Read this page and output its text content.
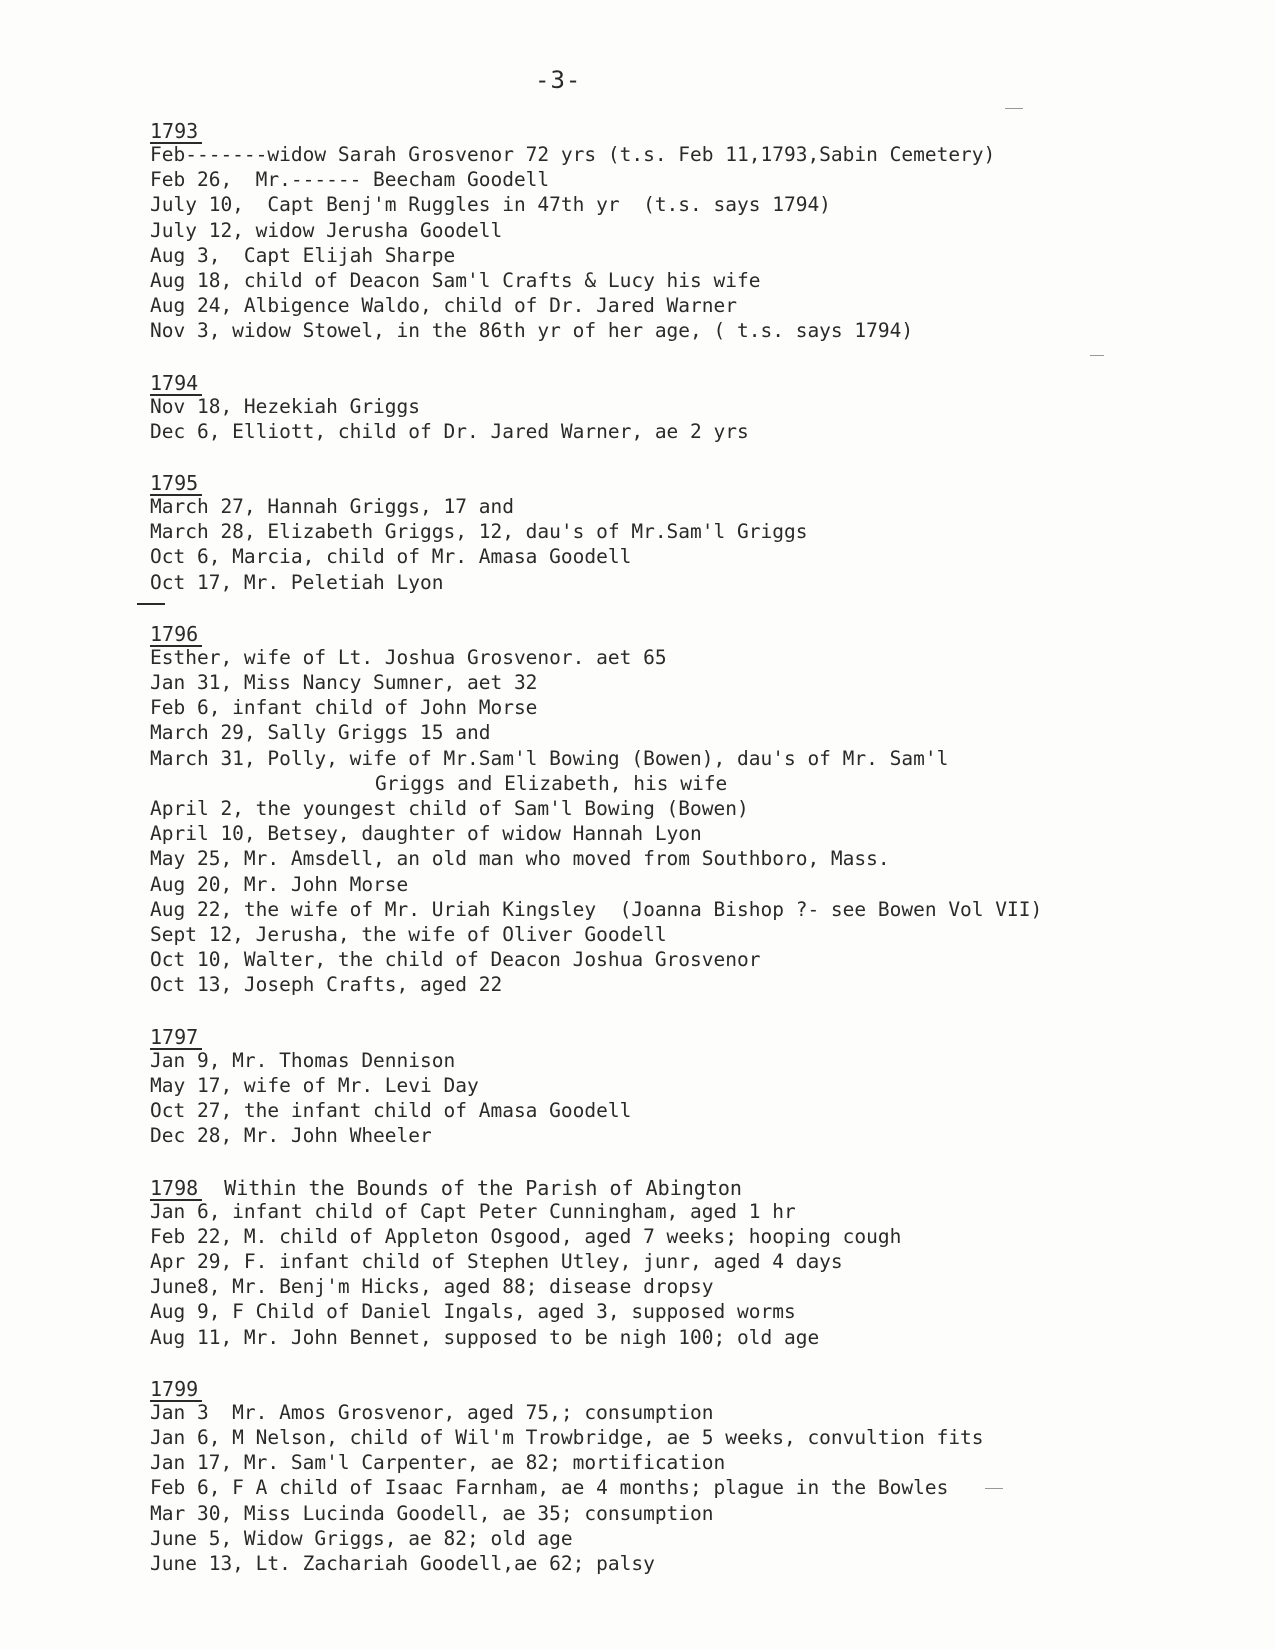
-3-
1793
Feb-------widow Sarah Grosvenor 72 yrs (t.s. Feb 11,1793,Sabin Cemetery)
Feb 26,  Mr.------ Beecham Goodell
July 10,  Capt Benj'm Ruggles in 47th yr  (t.s. says 1794)
July 12, widow Jerusha Goodell
Aug 3,  Capt Elijah Sharpe
Aug 18, child of Deacon Sam'l Crafts & Lucy his wife
Aug 24, Albigence Waldo, child of Dr. Jared Warner
Nov 3, widow Stowel, in the 86th yr of her age, ( t.s. says 1794)
1794
Nov 18, Hezekiah Griggs
Dec 6, Elliott, child of Dr. Jared Warner, ae 2 yrs
1795
March 27, Hannah Griggs, 17 and
March 28, Elizabeth Griggs, 12, dau's of Mr.Sam'l Griggs
Oct 6, Marcia, child of Mr. Amasa Goodell
Oct 17, Mr. Peletiah Lyon
1796
Esther, wife of Lt. Joshua Grosvenor. aet 65
Jan 31, Miss Nancy Sumner, aet 32
Feb 6, infant child of John Morse
March 29, Sally Griggs 15 and
March 31, Polly, wife of Mr.Sam'l Bowing (Bowen), dau's of Mr. Sam'l
Griggs and Elizabeth, his wife
April 2, the youngest child of Sam'l Bowing (Bowen)
April 10, Betsey, daughter of widow Hannah Lyon
May 25, Mr. Amsdell, an old man who moved from Southboro, Mass.
Aug 20, Mr. John Morse
Aug 22, the wife of Mr. Uriah Kingsley  (Joanna Bishop ?- see Bowen Vol VII)
Sept 12, Jerusha, the wife of Oliver Goodell
Oct 10, Walter, the child of Deacon Joshua Grosvenor
Oct 13, Joseph Crafts, aged 22
1797
Jan 9, Mr. Thomas Dennison
May 17, wife of Mr. Levi Day
Oct 27, the infant child of Amasa Goodell
Dec 28, Mr. John Wheeler
1798 Within the Bounds of the Parish of Abington
Jan 6, infant child of Capt Peter Cunningham, aged 1 hr
Feb 22, M. child of Appleton Osgood, aged 7 weeks; hooping cough
Apr 29, F. infant child of Stephen Utley, junr, aged 4 days
June8, Mr. Benj'm Hicks, aged 88; disease dropsy
Aug 9, F Child of Daniel Ingals, aged 3, supposed worms
Aug 11, Mr. John Bennet, supposed to be nigh 100; old age
1799
Jan 3  Mr. Amos Grosvenor, aged 75,; consumption
Jan 6, M Nelson, child of Wil'm Trowbridge, ae 5 weeks, convultion fits
Jan 17, Mr. Sam'l Carpenter, ae 82; mortification
Feb 6, F A child of Isaac Farnham, ae 4 months; plague in the Bowles
Mar 30, Miss Lucinda Goodell, ae 35; consumption
June 5, Widow Griggs, ae 82; old age
June 13, Lt. Zachariah Goodell,ae 62; palsy
